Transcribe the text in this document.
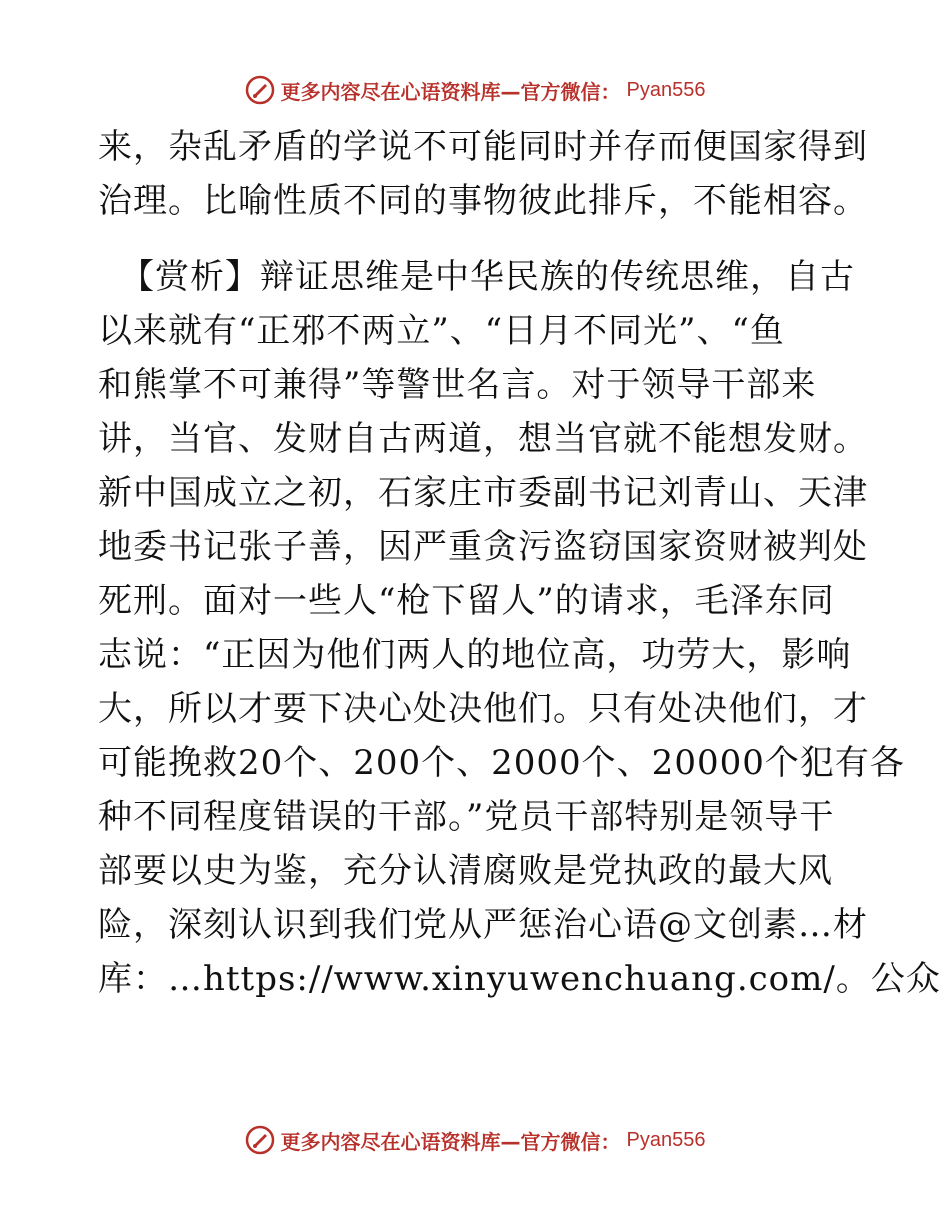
更多内容尽在心语资料库—官方微信： Pyan556
来，杂乱矛盾的学说不可能同时并存而便国家得到
治理。比喻性质不同的事物彼此排斥，不能相容。
【赏析】辩证思维是中华民族的传统思维，自古
以来就有“正邪不两立”、“日月不同光”、“鱼
和熊掌不可兼得”等警世名言。对于领导干部来
讲，当官、发财自古两道，想当官就不能想发财。
新中国成立之初，石家庄市委副书记刘青山、天津
地委书记张子善，因严重贪污盗窃国家资财被判处
死刑。面对一些人“枪下留人”的请求，毛泽东同
志说：“正因为他们两人的地位高，功劳大，影响
大，所以才要下决心处决他们。只有处决他们，才
可能挽救20个、200个、2000个、20000个犯有各
种不同程度错误的干部。”党员干部特别是领导干
部要以史为鉴，充分认清腐败是党执政的最大风
险，深刻认识到我们党从严惩治心语@文创素…材
库：…https://www.xinyuwenchuang.com/。公众
更多内容尽在心语资料库—官方微信： Pyan556
